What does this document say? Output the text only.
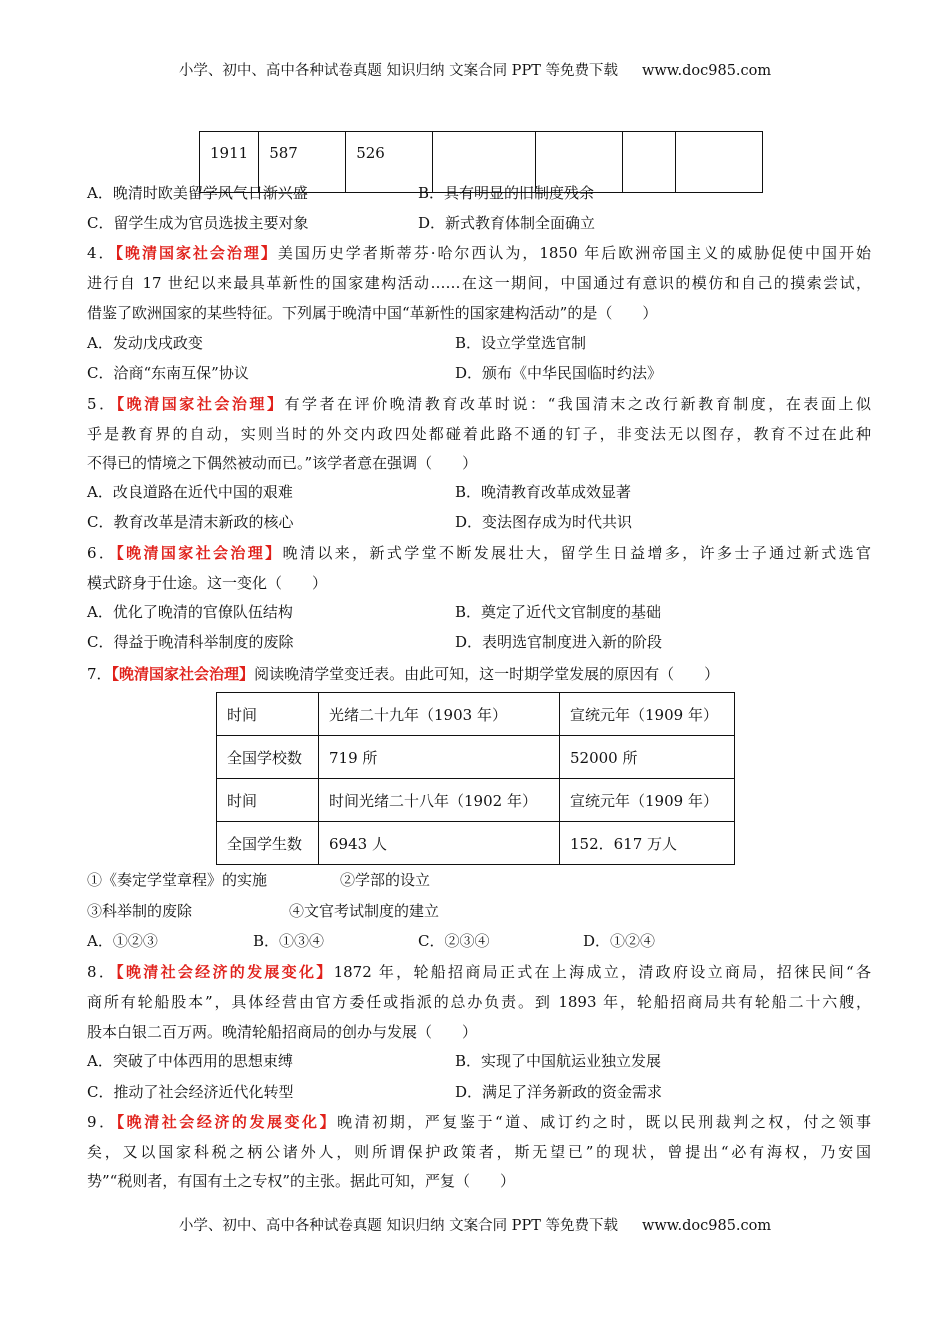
小学、初中、高中各种试卷真题 知识归纳 文案合同 PPT 等免费下载 www.doc985.com
1911	587	526				
A．晚清时欧美留学风气日渐兴盛	B．具有明显的旧制度残余
C．留学生成为官员选拔主要对象	D．新式教育体制全面确立
4．【晚清国家社会治理】美国历史学者斯蒂芬·哈尔西认为，1850 年后欧洲帝国主义的威胁促使中国开始
进行自 17 世纪以来最具革新性的国家建构活动……在这一期间，中国通过有意识的模仿和自己的摸索尝试，
借鉴了欧洲国家的某些特征。下列属于晚清中国“革新性的国家建构活动”的是（　　）
A．发动戊戌政变	B．设立学堂选官制
C．洽商“东南互保”协议	D．颁布《中华民国临时约法》
5．【晚清国家社会治理】有学者在评价晚清教育改革时说：“我国清末之改行新教育制度，在表面上似
乎是教育界的自动，实则当时的外交内政四处都碰着此路不通的钉子，非变法无以图存，教育不过在此种
不得已的情境之下偶然被动而已。”该学者意在强调（　　）
A．改良道路在近代中国的艰难	B．晚清教育改革成效显著
C．教育改革是清末新政的核心	D．变法图存成为时代共识
6．【晚清国家社会治理】晚清以来，新式学堂不断发展壮大，留学生日益增多，许多士子通过新式选官
模式跻身于仕途。这一变化（　　）
A．优化了晚清的官僚队伍结构	B．奠定了近代文官制度的基础
C．得益于晚清科举制度的废除	D．表明选官制度进入新的阶段
7．【晚清国家社会治理】阅读晚清学堂变迁表。由此可知，这一时期学堂发展的原因有（　　）
时间	光绪二十九年（1903 年）	宣统元年（1909 年）
全国学校数	719 所	52000 所
时间	时间光绪二十八年（1902 年）	宣统元年（1909 年）
全国学生数	6943 人	152．617 万人
①《奏定学堂章程》的实施	②学部的设立
③科举制的废除	④文官考试制度的建立
A．①②③	B．①③④	C．②③④	D．①②④
8．【晚清社会经济的发展变化】1872 年，轮船招商局正式在上海成立，清政府设立商局，招徕民间“各
商所有轮船股本”，具体经营由官方委任或指派的总办负责。到 1893 年，轮船招商局共有轮船二十六艘，
股本白银二百万两。晚清轮船招商局的创办与发展（　　）
A．突破了中体西用的思想束缚	B．实现了中国航运业独立发展
C．推动了社会经济近代化转型	D．满足了洋务新政的资金需求
9．【晚清社会经济的发展变化】晚清初期，严复鉴于“道、咸订约之时，既以民刑裁判之权，付之领事
矣，又以国家科税之柄公诸外人，则所谓保护政策者，斯无望已”的现状，曾提出“必有海权，乃安国
势”“税则者，有国有土之专权”的主张。据此可知，严复（　　）
小学、初中、高中各种试卷真题 知识归纳 文案合同 PPT 等免费下载 www.doc985.com
